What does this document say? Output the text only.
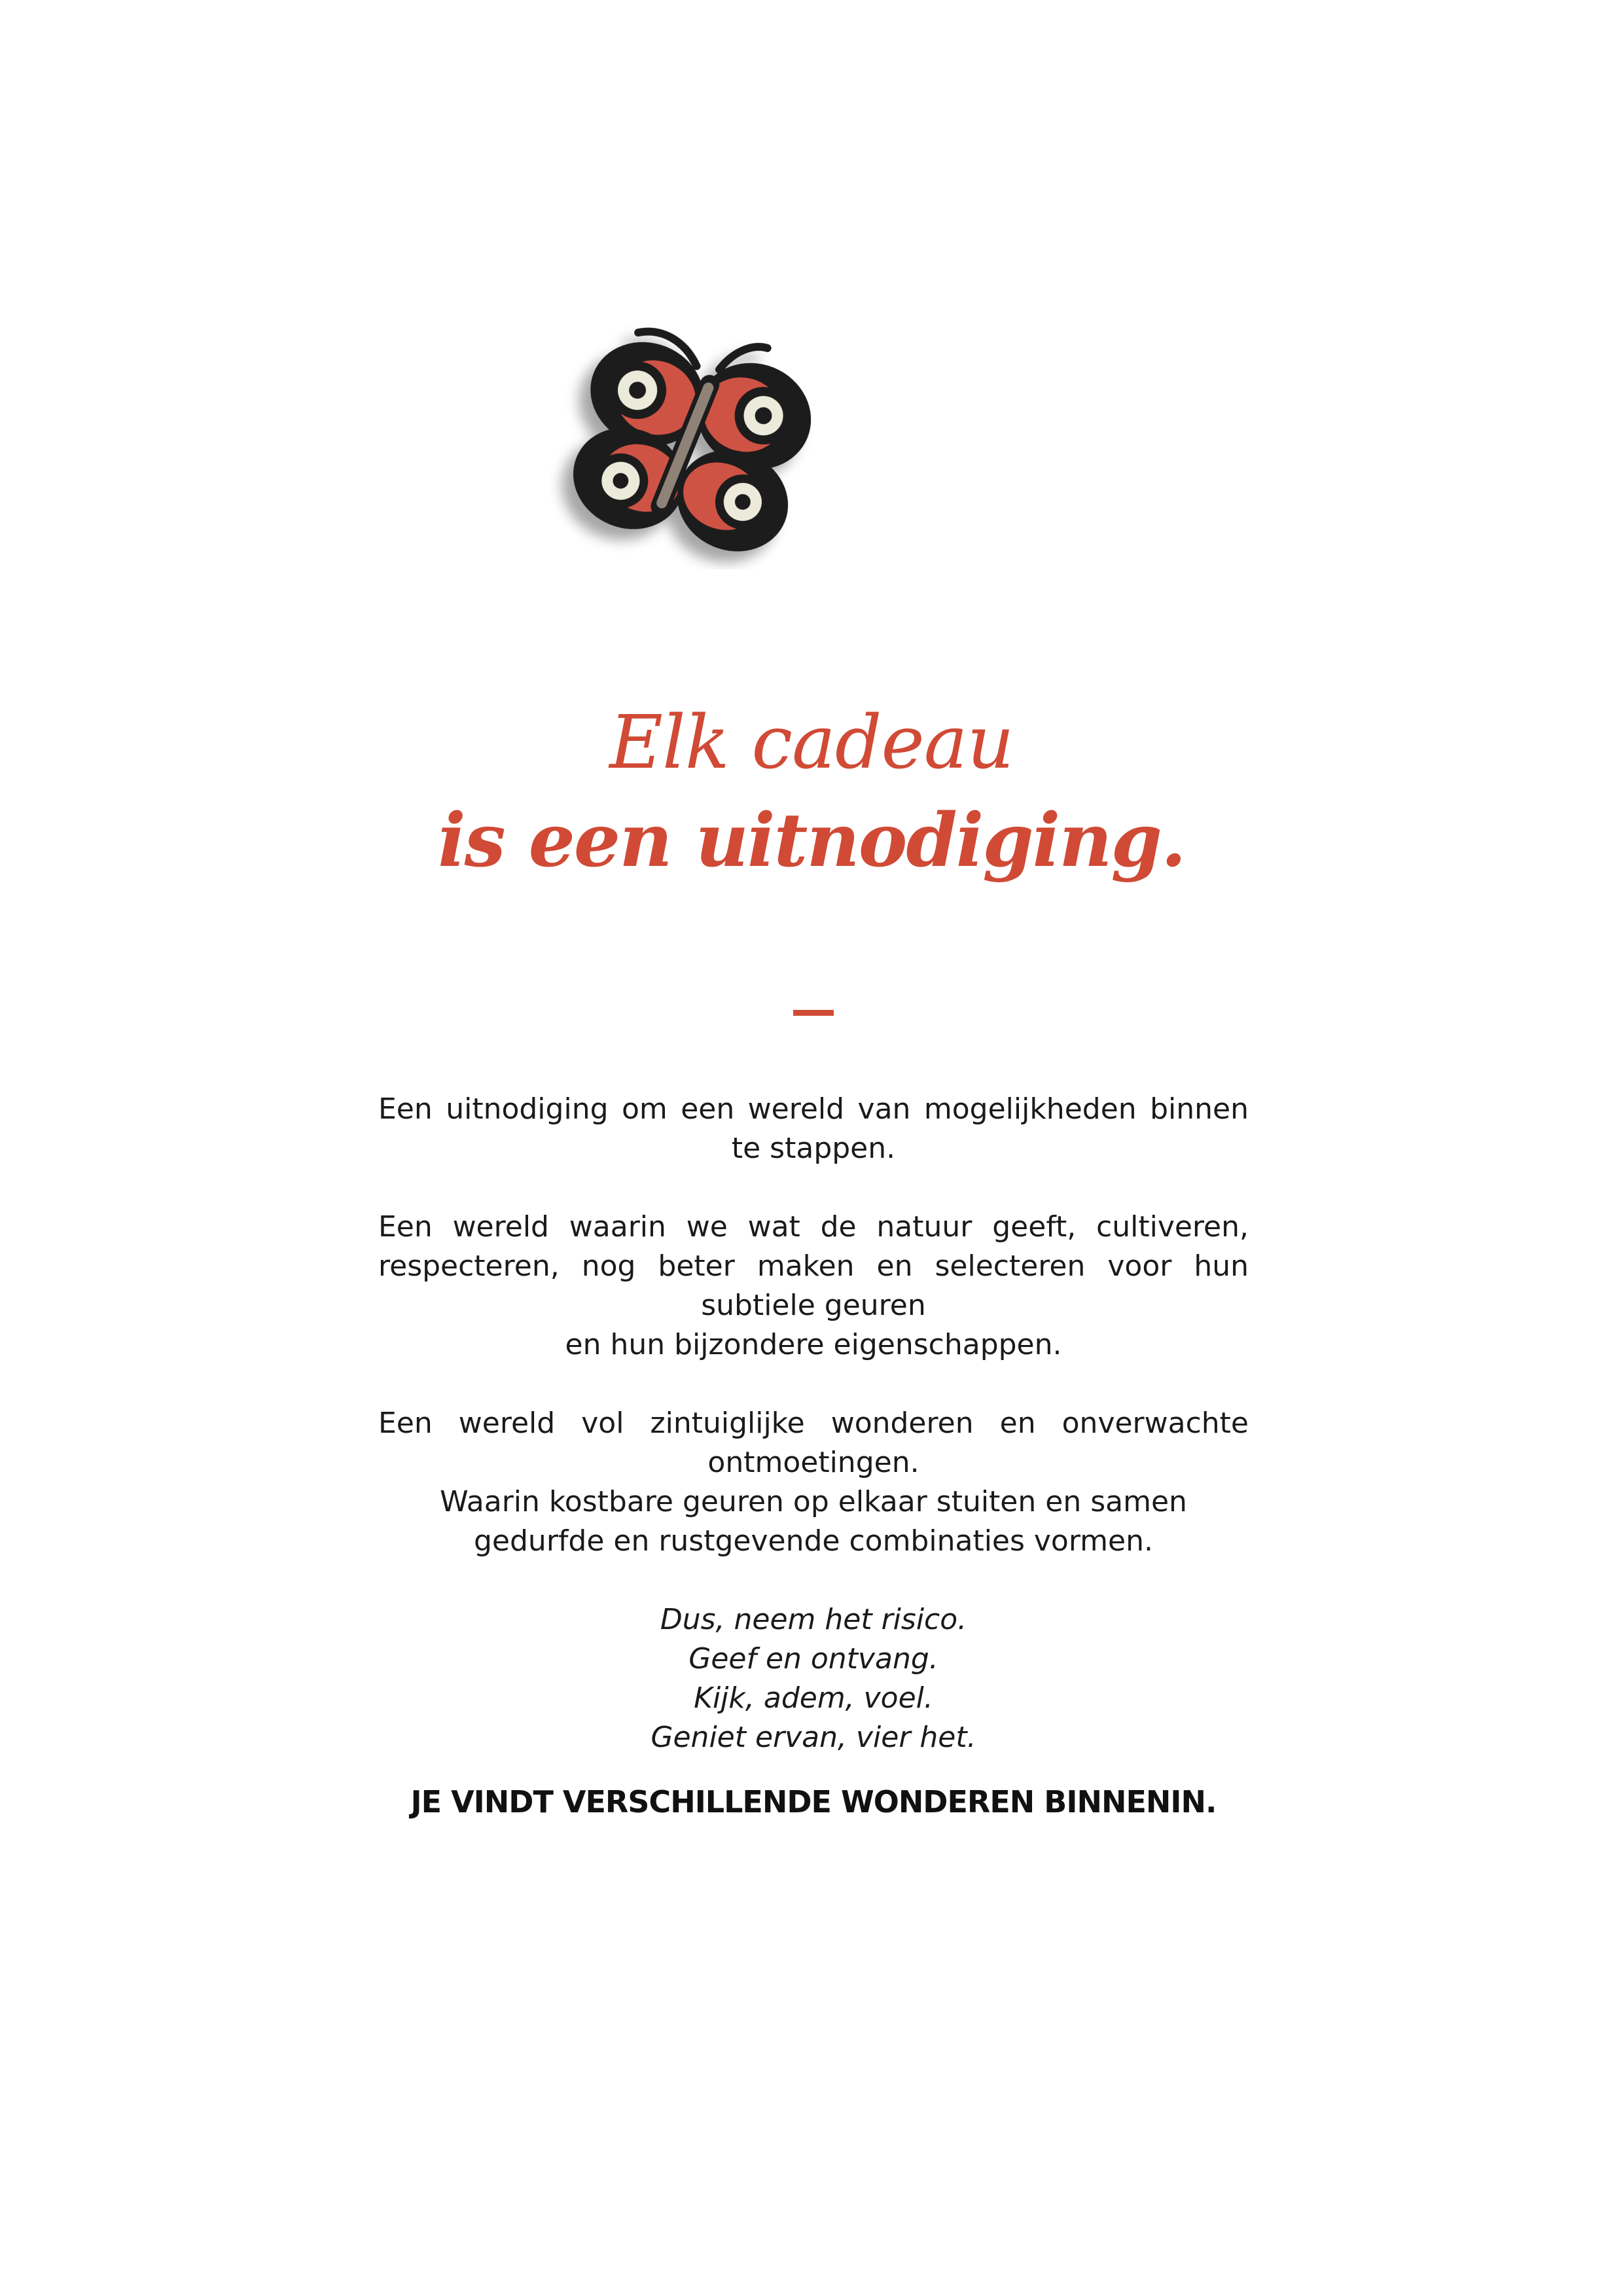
Elk cadeau
is een uitnodiging.

Een uitnodiging om een wereld van mogelijkheden binnen te stappen.

Een wereld waarin we wat de natuur geeft, cultiveren, respecteren, nog beter maken en selecteren voor hun subtiele geuren
en hun bijzondere eigenschappen.

Een wereld vol zintuiglijke wonderen en onverwachte ontmoetingen.
Waarin kostbare geuren op elkaar stuiten en samen
gedurfde en rustgevende combinaties vormen.

Dus, neem het risico.
Geef en ontvang.
Kijk, adem, voel.
Geniet ervan, vier het.

JE VINDT VERSCHILLENDE WONDEREN BINNENIN.
